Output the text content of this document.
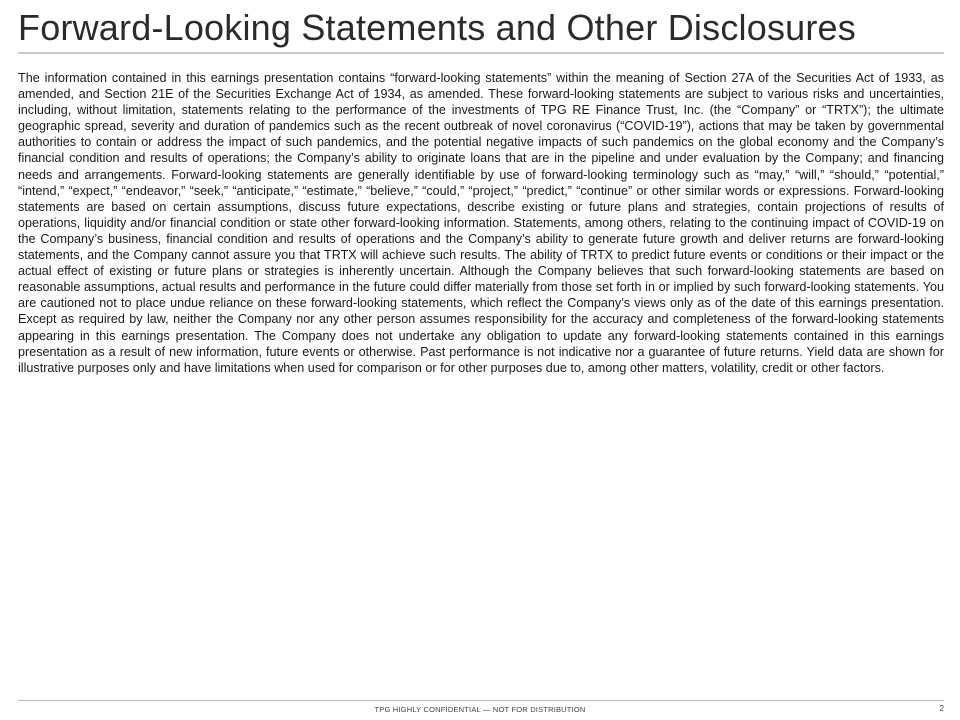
Forward-Looking Statements and Other Disclosures

The information contained in this earnings presentation contains “forward-looking statements” within the meaning of Section 27A of the Securities Act of 1933, as amended, and Section 21E of the Securities Exchange Act of 1934, as amended. These forward-looking statements are subject to various risks and uncertainties, including, without limitation, statements relating to the performance of the investments of TPG RE Finance Trust, Inc. (the “Company” or “TRTX”); the ultimate geographic spread, severity and duration of pandemics such as the recent outbreak of novel coronavirus (“COVID-19”), actions that may be taken by governmental authorities to contain or address the impact of such pandemics, and the potential negative impacts of such pandemics on the global economy and the Company’s financial condition and results of operations; the Company’s ability to originate loans that are in the pipeline and under evaluation by the Company; and financing needs and arrangements. Forward-looking statements are generally identifiable by use of forward-looking terminology such as “may,” “will,” “should,” “potential,” “intend,” “expect,” “endeavor,” “seek,” “anticipate,” “estimate,” “believe,” “could,” “project,” “predict,” “continue” or other similar words or expressions. Forward-looking statements are based on certain assumptions, discuss future expectations, describe existing or future plans and strategies, contain projections of results of operations, liquidity and/or financial condition or state other forward-looking information. Statements, among others, relating to the continuing impact of COVID-19 on the Company’s business, financial condition and results of operations and the Company’s ability to generate future growth and deliver returns are forward-looking statements, and the Company cannot assure you that TRTX will achieve such results. The ability of TRTX to predict future events or conditions or their impact or the actual effect of existing or future plans or strategies is inherently uncertain. Although the Company believes that such forward-looking statements are based on reasonable assumptions, actual results and performance in the future could differ materially from those set forth in or implied by such forward-looking statements. You are cautioned not to place undue reliance on these forward-looking statements, which reflect the Company’s views only as of the date of this earnings presentation. Except as required by law, neither the Company nor any other person assumes responsibility for the accuracy and completeness of the forward-looking statements appearing in this earnings presentation. The Company does not undertake any obligation to update any forward-looking statements contained in this earnings presentation as a result of new information, future events or otherwise. Past performance is not indicative nor a guarantee of future returns. Yield data are shown for illustrative purposes only and have limitations when used for comparison or for other purposes due to, among other matters, volatility, credit or other factors.

TPG HIGHLY CONFIDENTIAL — NOT FOR DISTRIBUTION	2
